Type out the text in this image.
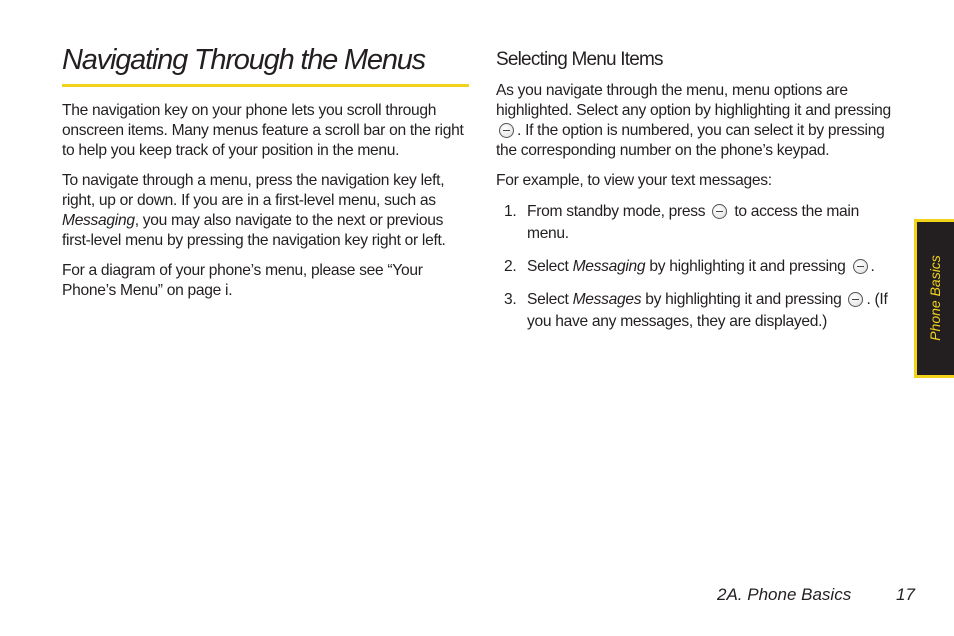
Navigating Through the Menus

The navigation key on your phone lets you scroll through onscreen items. Many menus feature a scroll bar on the right to help you keep track of your position in the menu.

To navigate through a menu, press the navigation key left, right, up or down. If you are in a first-level menu, such as Messaging, you may also navigate to the next or previous first-level menu by pressing the navigation key right or left.

For a diagram of your phone’s menu, please see “Your Phone’s Menu” on page i.

Selecting Menu Items

As you navigate through the menu, menu options are highlighted. Select any option by highlighting it and pressing . If the option is numbered, you can select it by pressing the corresponding number on the phone’s keypad.

For example, to view your text messages:

1. From standby mode, press  to access the main menu.
2. Select Messaging by highlighting it and pressing .
3. Select Messages by highlighting it and pressing . (If you have any messages, they are displayed.)	Phone Basics
2A. Phone Basics	17
